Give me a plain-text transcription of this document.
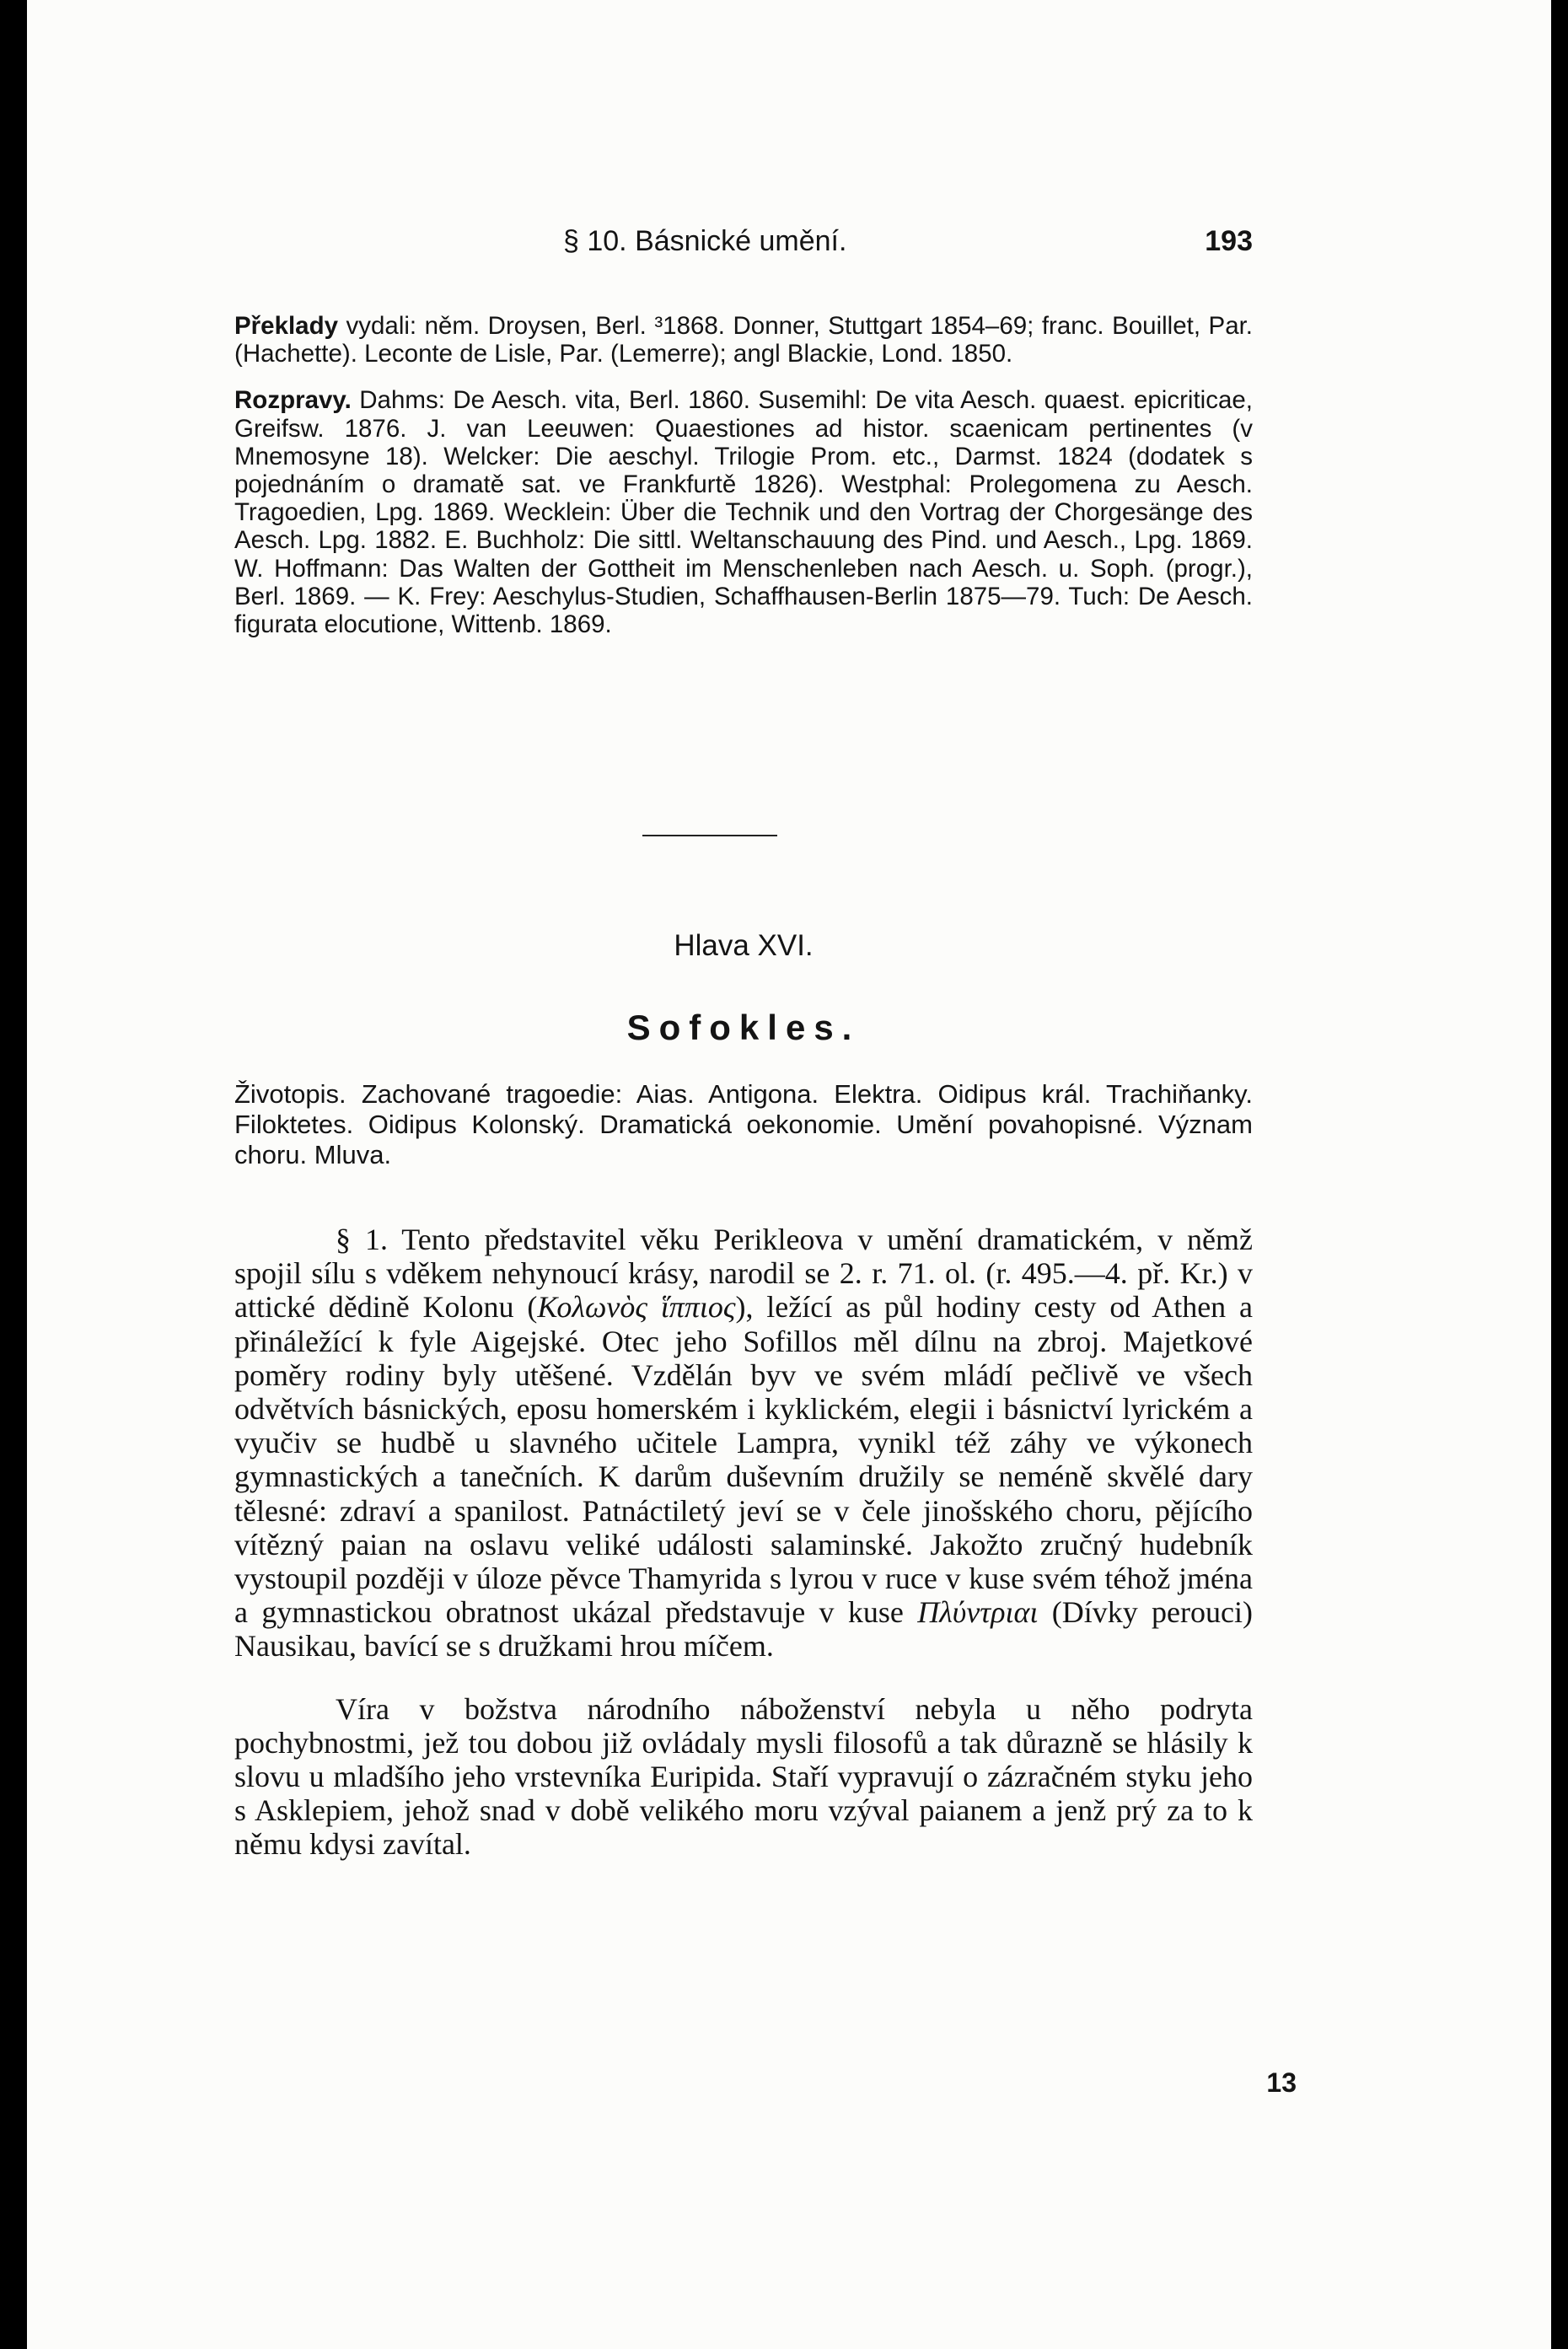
§ 10. Básnické umění.	193

Překlady vydali: něm. Droysen, Berl. ³1868. Donner, Stuttgart 1854–69; franc. Bouillet, Par. (Hachette). Leconte de Lisle, Par. (Lemerre); angl Blackie, Lond. 1850.

Rozpravy. Dahms: De Aesch. vita, Berl. 1860. Susemihl: De vita Aesch. quaest. epicriticae, Greifsw. 1876. J. van Leeuwen: Quaestiones ad histor. scaenicam pertinentes (v Mnemosyne 18). Welcker: Die aeschyl. Trilogie Prom. etc., Darmst. 1824 (dodatek s pojednáním o dramatě sat. ve Frankfurtě 1826). Westphal: Prolegomena zu Aesch. Tragoedien, Lpg. 1869. Wecklein: Über die Technik und den Vortrag der Chorgesänge des Aesch. Lpg. 1882. E. Buchholz: Die sittl. Weltanschauung des Pind. und Aesch., Lpg. 1869. W. Hoffmann: Das Walten der Gottheit im Menschenleben nach Aesch. u. Soph. (progr.), Berl. 1869. — K. Frey: Aeschylus-Studien, Schaffhausen-Berlin 1875—79. Tuch: De Aesch. figurata elocutione, Wittenb. 1869.

Hlava XVI.
Sofokles.
Životopis. Zachované tragoedie: Aias. Antigona. Elektra. Oidipus král. Trachiňanky. Filoktetes. Oidipus Kolonský. Dramatická oekonomie. Umění povahopisné. Význam choru. Mluva.

§ 1. Tento představitel věku Perikleova v umění dramatickém, v němž spojil sílu s vděkem nehynoucí krásy, narodil se 2. r. 71. ol. (r. 495.—4. př. Kr.) v attické dědině Kolonu (Κολωνὸς ἵππιος), ležící as půl hodiny cesty od Athen a přináležící k fyle Aigejské. Otec jeho Sofillos měl dílnu na zbroj. Majetkové poměry rodiny byly utěšené. Vzdělán byv ve svém mládí pečlivě ve všech odvětvích básnických, eposu homerském i kyklickém, elegii i básnictví lyrickém a vyučiv se hudbě u slavného učitele Lampra, vynikl též záhy ve výkonech gymnastických a tanečních. K darům duševním družily se neméně skvělé dary tělesné: zdraví a spanilost. Patnáctiletý jeví se v čele jinošského choru, pějícího vítězný paian na oslavu veliké události salaminské. Jakožto zručný hudebník vystoupil později v úloze pěvce Thamyrida s lyrou v ruce v kuse svém téhož jména a gymnastickou obratnost ukázal představuje v kuse Πλύντριαι (Dívky perouci) Nausikau, bavící se s družkami hrou míčem.

Víra v božstva národního náboženství nebyla u něho podryta pochybnostmi, jež tou dobou již ovládaly mysli filosofů a tak důrazně se hlásily k slovu u mladšího jeho vrstevníka Euripida. Staří vypravují o zázračném styku jeho s Asklepiem, jehož snad v době velikého moru vzýval paianem a jenž prý za to k němu kdysi zavítal.

13
